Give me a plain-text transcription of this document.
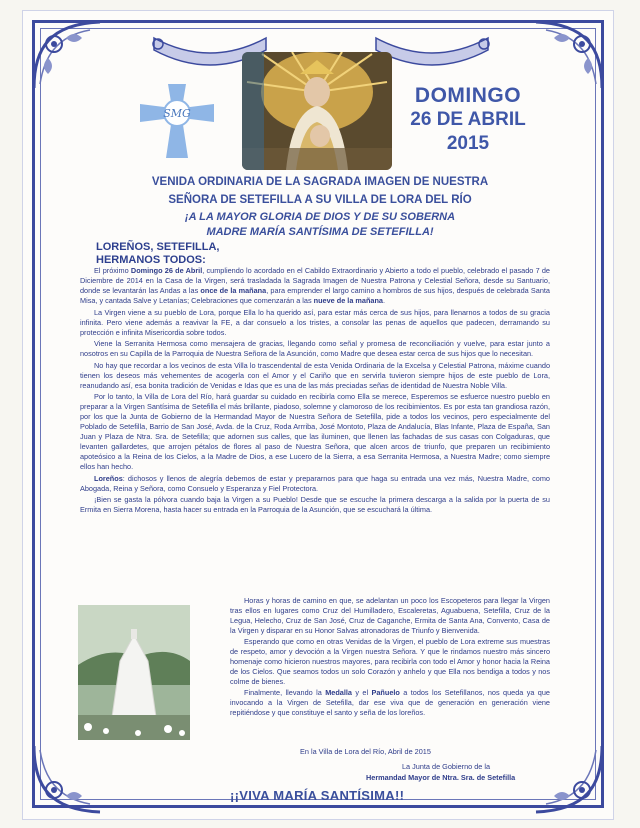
SMG
DOMINGO
26 DE ABRIL
2015
VENIDA ORDINARIA DE LA SAGRADA IMAGEN DE NUESTRA
SEÑORA DE SETEFILLA A SU VILLA DE LORA DEL RÍO
¡A LA MAYOR GLORIA DE DIOS Y DE SU SOBERNA
MADRE MARÍA SANTÍSIMA DE SETEFILLA!
LOREÑOS, SETEFILLA,
HERMANOS TODOS:

El próximo Domingo 26 de Abril, cumpliendo lo acordado en el Cabildo Extraordinario y Abierto a todo el pueblo, celebrado el pasado 7 de Diciembre de 2014 en la Casa de la Virgen, será trasladada la Sagrada Imagen de Nuestra Patrona y Celestial Señora, desde su Santuario, donde se levantarán las Andas a las once de la mañana, para emprender el largo camino a hombros de sus hijos, después de celebrada Santa Misa, y cantada Salve y Letanías; Celebraciones que comenzarán a las nueve de la mañana.

La Virgen viene a su pueblo de Lora, porque Ella lo ha querido así, para estar más cerca de sus hijos, para llenarnos a todos de su gracia infinita. Pero viene además a reavivar la FE, a dar consuelo a los tristes, a consolar las penas de aquellos que padecen, derramando su protección e infinita Misericordia sobre todos.

Viene la Serranita Hermosa como mensajera de gracias, llegando como señal y promesa de reconciliación y vuelve, para estar junto a nosotros en su Capilla de la Parroquia de Nuestra Señora de la Asunción, como Madre que desea estar cerca de sus hijos que lo necesitan.

No hay que recordar a los vecinos de esta Villa lo trascendental de esta Venida Ordinaria de la Excelsa y Celestial Patrona, máxime cuando tienen los deseos más vehementes de acogerla con el Amor y el Cariño que en servirla tuvieron siempre hijos de este pueblo de Lora, reanudando así, esa bonita tradición de Venidas e Idas que es una de las más preciadas señas de identidad de Nuestra Noble Villa.

Por lo tanto, la Villa de Lora del Río, hará guardar su cuidado en recibirla como Ella se merece, Esperemos se esfuerce nuestro pueblo en preparar a la Virgen Santísima de Setefilla el más brillante, piadoso, solemne y clamoroso de los recibimientos. Es por esta tan grandiosa razón, por los que la Junta de Gobierno de la Hermandad Mayor de Nuestra Señora de Setefilla, pide a todos los vecinos, pero especialmente del Poblado de Setefilla, Barrio de San José, Avda. de la Cruz, Roda Arrriba, José Montoto, Plaza de Andalucía, Blas Infante, Plaza de España, San Juan y Plaza de Ntra. Sra. de Setefilla; que adornen sus calles, que las iluminen, que llenen las fachadas de sus casas con Colgaduras, que levanten gallardetes, que arrojen pétalos de flores al paso de Nuestra Señora, que alcen arcos de triunfo, que preparen un recibimiento apoteósico a la Reina de los Cielos, a la Madre de Dios, a ese Lucero de la Sierra, a esa Serranita Hermosa, a Nuestra Madre; como siempre ellos han hecho.

Loreños: dichosos y llenos de alegría debemos de estar y prepararnos para que haga su entrada una vez más, Nuestra Madre, como Abogada, Reina y Señora, como Consuelo y Esperanza y Fiel Protectora.

¡Bien se gasta la pólvora cuando baja la Virgen a su Pueblo! Desde que se escuche la primera descarga a la salida por la puerta de su Ermita en Sierra Morena, hasta hacer su entrada en la Parroquia de la Asunción, que se escuchará la última.

Horas y horas de camino en que, se adelantan un poco los Escopeteros para llegar la Virgen tras ellos en lugares como Cruz del Humilladero, Escaleretas, Aguabuena, Setefilla, Cruz de la Legua, Helecho, Cruz de San José, Cruz de Caganche, Ermita de Santa Ana, Convento, Casa de la Virgen y disparar en su Honor Salvas atronadoras de Triunfo y Bienvenida.

Esperando que como en otras Venidas de la Virgen, el pueblo de Lora extreme sus muestras de respeto, amor y devoción a la Virgen nuestra Señora. Y que le rindamos nuestro más sincero homenaje como hicieron nuestros mayores, para recibirla con todo el Amor y honor hacia la Reina de los Cielos. Que seamos todos un solo Corazón y anhelo y que Ella nos bendiga a todos y nos colme de bienes.

Finalmente, llevando la Medalla y el Pañuelo a todos los Setefillanos, nos queda ya que invocando a la Virgen de Setefilla, dar ese viva que de generación en generación viene repitiéndose y que constituye el santo y seña de los loreños.

En la Villa de Lora del Río, Abril de 2015
La Junta de Gobierno de la
Hermandad Mayor de Ntra. Sra. de Setefilla
¡¡VIVA MARÍA SANTÍSIMA!!
